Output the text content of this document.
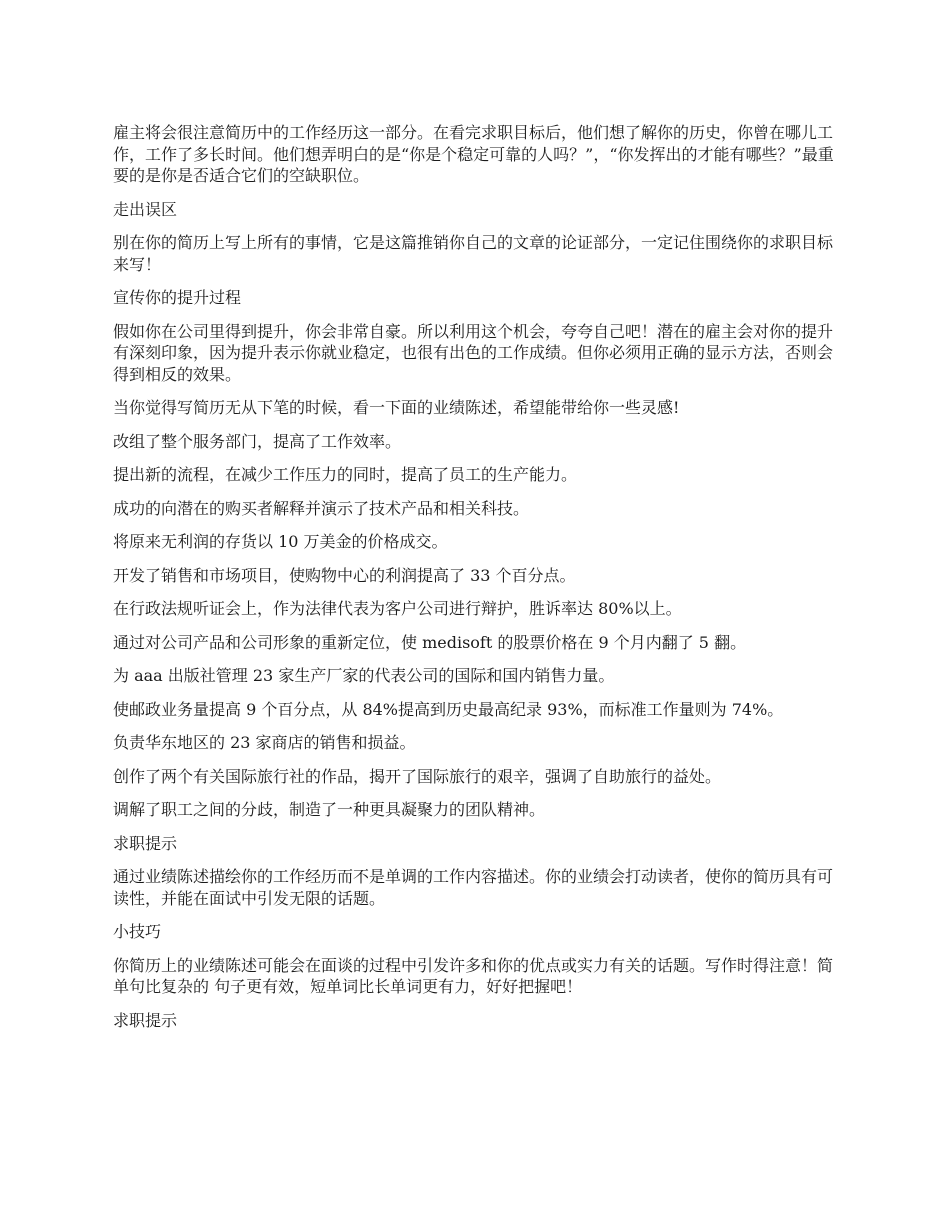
雇主将会很注意简历中的工作经历这一部分。在看完求职目标后，他们想了解你的历史，你曾在哪儿工作，工作了多长时间。他们想弄明白的是“你是个稳定可靠的人吗？”，“你发挥出的才能有哪些？”最重要的是你是否适合它们的空缺职位。

走出误区

别在你的简历上写上所有的事情，它是这篇推销你自己的文章的论证部分，一定记住围绕你的求职目标来写！

宣传你的提升过程

假如你在公司里得到提升，你会非常自豪。所以利用这个机会，夸夸自己吧！潜在的雇主会对你的提升有深刻印象，因为提升表示你就业稳定，也很有出色的工作成绩。但你必须用正确的显示方法，否则会得到相反的效果。

当你觉得写简历无从下笔的时候，看一下面的业绩陈述，希望能带给你一些灵感!

改组了整个服务部门，提高了工作效率。

提出新的流程，在减少工作压力的同时，提高了员工的生产能力。

成功的向潜在的购买者解释并演示了技术产品和相关科技。

将原来无利润的存货以 10 万美金的价格成交。

开发了销售和市场项目，使购物中心的利润提高了 33 个百分点。

在行政法规听证会上，作为法律代表为客户公司进行辩护，胜诉率达 80%以上。

通过对公司产品和公司形象的重新定位，使 medisoft 的股票价格在 9 个月内翻了 5 翻。

为 aaa 出版社管理 23 家生产厂家的代表公司的国际和国内销售力量。

使邮政业务量提高 9 个百分点，从 84%提高到历史最高纪录 93%，而标准工作量则为 74%。

负责华东地区的 23 家商店的销售和损益。

创作了两个有关国际旅行社的作品，揭开了国际旅行的艰辛，强调了自助旅行的益处。

调解了职工之间的分歧，制造了一种更具凝聚力的团队精神。

求职提示

通过业绩陈述描绘你的工作经历而不是单调的工作内容描述。你的业绩会打动读者，使你的简历具有可读性，并能在面试中引发无限的话题。

小技巧

你简历上的业绩陈述可能会在面谈的过程中引发许多和你的优点或实力有关的话题。写作时得注意！简单句比复杂的 句子更有效，短单词比长单词更有力，好好把握吧！

求职提示
